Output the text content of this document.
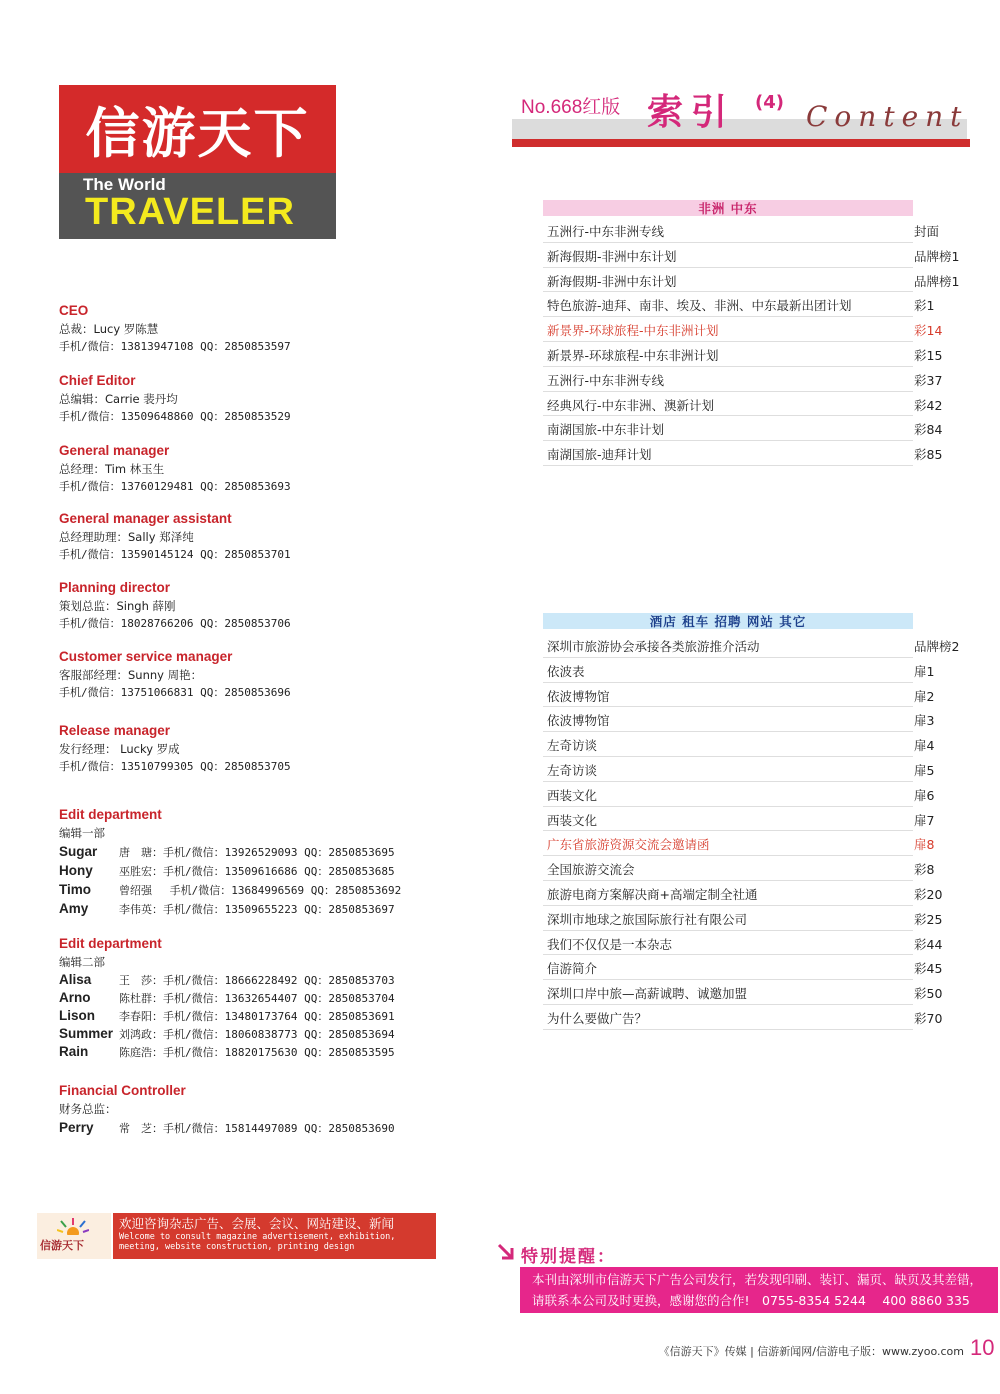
信游天下
The World
TRAVELER
No.668红版 索引 (4) Content
CEO
总裁：Lucy 罗陈慧
手机/微信：13813947108 QQ：2850853597
Chief Editor
总编辑：Carrie 裴丹均
手机/微信：13509648860 QQ：2850853529
General manager
总经理：Tim 林玉生
手机/微信：13760129481 QQ：2850853693
General manager assistant
总经理助理：Sally 郑泽纯
手机/微信：13590145124 QQ：2850853701
Planning director
策划总监：Singh 薛刚
手机/微信：18028766206 QQ：2850853706
Customer service manager
客服部经理：Sunny 周艳：
手机/微信：13751066831 QQ：2850853696
Release manager
发行经理： Lucky 罗成
手机/微信：13510799305 QQ：2850853705
Edit department
编辑一部
Sugar 唐　瑭：手机/微信：13926529093 QQ：2850853695
Hony 巫胜宏：手机/微信：13509616686 QQ：2850853685
Timo	曾绍强　 手机/微信：13684996569 QQ：2850853692
Amy	李伟英：手机/微信：13509655223 QQ：2850853697
Edit department
编辑二部
Alisa	王　莎：手机/微信：18666228492 QQ：2850853703
Arno	陈杜群：手机/微信：13632654407 QQ：2850853704
Lison 李春阳：手机/微信：13480173764 QQ：2850853691
Summer 刘鸿政：手机/微信：18060838773 QQ：2850853694
Rain	陈庭浩：手机/微信：18820175630 QQ：2850853595
Financial Controller
财务总监：
Perry 常　芝：手机/微信：15814497089 QQ：2850853690
非洲 中东
五洲行-中东非洲专线	封面
新海假期-非洲中东计划	品牌榜1
新海假期-非洲中东计划	品牌榜1
特色旅游-迪拜、南非、埃及、非洲、中东最新出团计划	彩1
新景界-环球旅程-中东非洲计划	彩14
新景界-环球旅程-中东非洲计划	彩15
五洲行-中东非洲专线	彩37
经典风行-中东非洲、澳新计划	彩42
南湖国旅-中东非计划	彩84
南湖国旅-迪拜计划	彩85
酒店 租车 招聘 网站 其它
深圳市旅游协会承接各类旅游推介活动	品牌榜2
依波表	扉1
依波博物馆	扉2
依波博物馆	扉3
左奇访谈	扉4
左奇访谈	扉5
西装文化	扉6
西装文化	扉7
广东省旅游资源交流会邀请函	扉8
全国旅游交流会	彩8
旅游电商方案解决商+高端定制全社通	彩20
深圳市地球之旅国际旅行社有限公司	彩25
我们不仅仅是一本杂志	彩44
信游简介	彩45
深圳口岸中旅—高薪诚聘、诚邀加盟	彩50
为什么要做广告？	彩70
信游天下
欢迎咨询杂志广告、会展、会议、网站建设、新闻
Welcome to consult magazine advertisement, exhibition,
meeting, website construction, printing design	特别提醒：
本刊由深圳市信游天下广告公司发行，若发现印刷、装订、漏页、缺页及其差错，
请联系本公司及时更换，感谢您的合作!　0755-8354 5244　 400 8860 335
《信游天下》传媒 | 信游新闻网/信游电子版：www.zyoo.com 10
